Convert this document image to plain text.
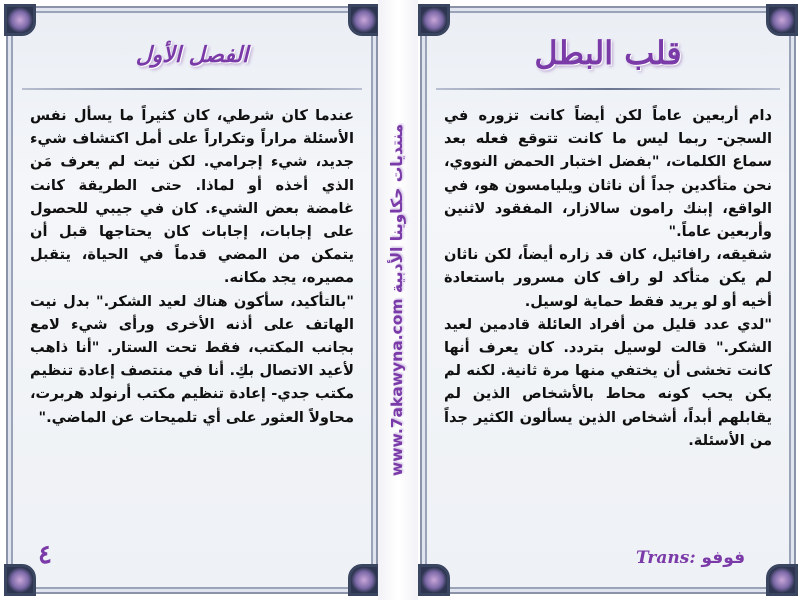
الفصل الأول

عندما كان شرطي، كان كثيراً ما يسأل نفس الأسئلة مراراً وتكراراً على أمل اكتشاف شيء جديد، شيء إجرامي. لكن نيت لم يعرف مَن الذي أخذه أو لماذا. حتى الطريقة كانت غامضة بعض الشيء. كان في جيبي للحصول على إجابات، إجابات كان يحتاجها قبل أن يتمكن من المضي قدماً في الحياة، يتقبل مصيره، يجد مكانه.

"بالتأكيد، سأكون هناك لعيد الشكر." بدل نيت الهاتف على أذنه الأخرى ورأى شيء لامع بجانب المكتب، فقط تحت الستار. "أنا ذاهب لأعيد الاتصال بكِ. أنا في منتصف إعادة تنظيم مكتب جدي- إعادة تنظيم مكتب أرنولد هربرت، محاولاً العثور على أي تلميحات عن الماضي."

٤
www.7akawyna.com منتديات حكاوينا الأدبية
قلب البطل

دام أربعين عاماً لكن أيضاً كانت تزوره في السجن- ربما ليس ما كانت تتوقع فعله بعد سماع الكلمات، "بفضل اختبار الحمض النووي، نحن متأكدين جداً أن ناثان ويليامسون هو، في الواقع، إبنك رامون سالازار، المفقود لاثنين وأربعين عاماً."

شقيقه، رافائيل، كان قد زاره أيضاً، لكن ناثان لم يكن متأكد لو راف كان مسرور باستعادة أخيه أو لو يريد فقط حماية لوسيل.

"لدي عدد قليل من أفراد العائلة قادمين لعيد الشكر." قالت لوسيل بتردد. كان يعرف أنها كانت تخشى أن يختفي منها مرة ثانية. لكنه لم يكن يحب كونه محاط بالأشخاص الذين لم يقابلهم أبداً، أشخاص الذين يسألون الكثير جداً من الأسئلة.

Trans: فوفو
